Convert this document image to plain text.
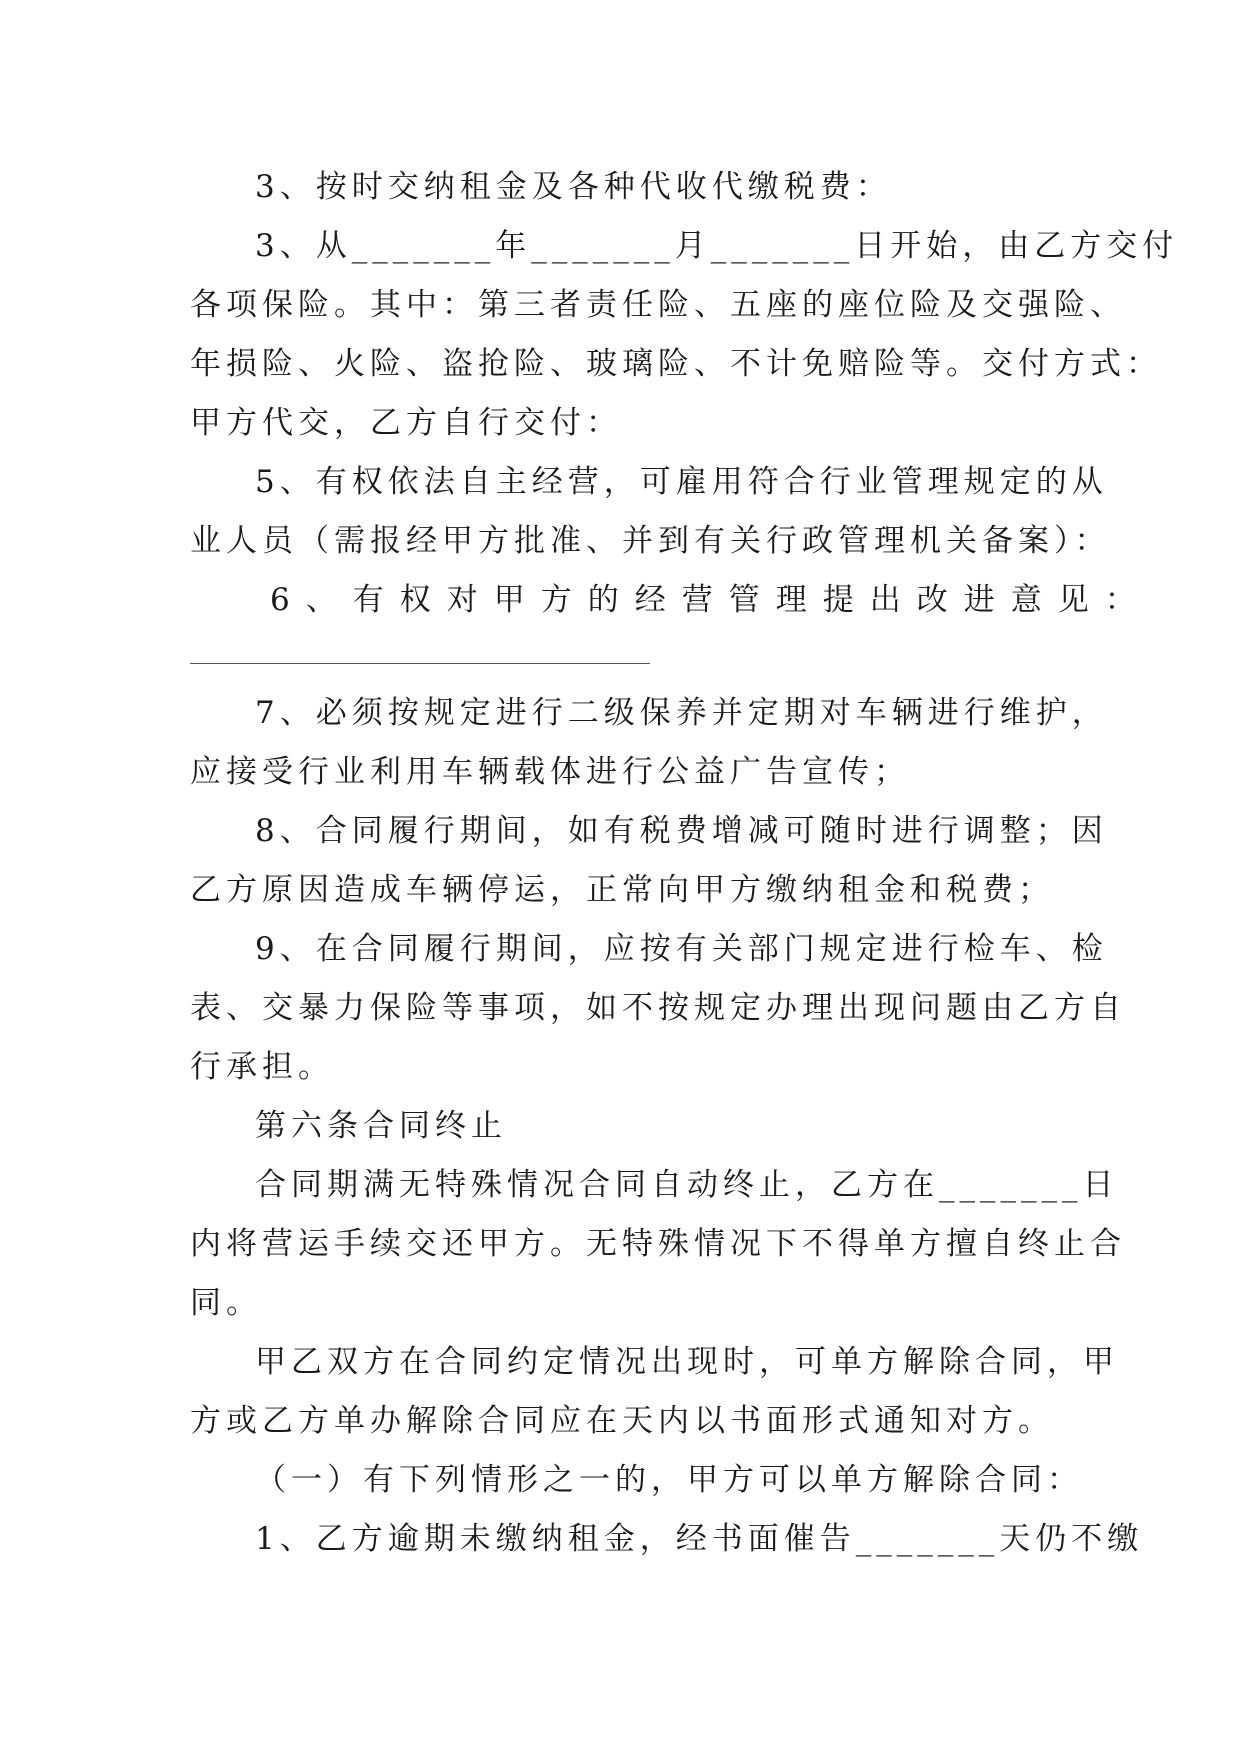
3、按时交纳租金及各种代收代缴税费：
3、从_______年_______月_______日开始，由乙方交付
各项保险。其中：第三者责任险、五座的座位险及交强险、
年损险、火险、盗抢险、玻璃险、不计免赔险等。交付方式：
甲方代交，乙方自行交付：
5、有权依法自主经营，可雇用符合行业管理规定的从
业人员（需报经甲方批准、并到有关行政管理机关备案）：
6、有权对甲方的经营管理提出改进意见：
7、必须按规定进行二级保养并定期对车辆进行维护，
应接受行业利用车辆载体进行公益广告宣传；
8、合同履行期间，如有税费增减可随时进行调整；因
乙方原因造成车辆停运，正常向甲方缴纳租金和税费；
9、在合同履行期间，应按有关部门规定进行检车、检
表、交暴力保险等事项，如不按规定办理出现问题由乙方自
行承担。
第六条合同终止
合同期满无特殊情况合同自动终止，乙方在_______日
内将营运手续交还甲方。无特殊情况下不得单方擅自终止合
同。
甲乙双方在合同约定情况出现时，可单方解除合同，甲
方或乙方单办解除合同应在天内以书面形式通知对方。
（一）有下列情形之一的，甲方可以单方解除合同：
1、乙方逾期未缴纳租金，经书面催告_______天仍不缴
